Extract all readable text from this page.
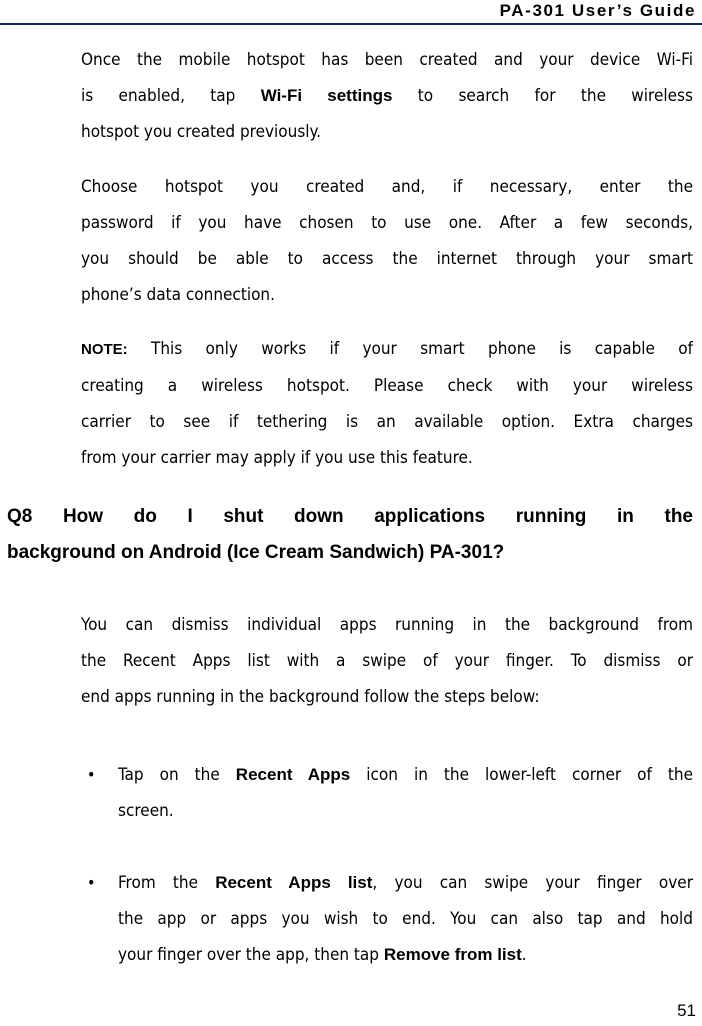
PA-301 User’s Guide
Once the mobile hotspot has been created and your device Wi-Fi
is enabled, tap Wi-Fi settings to search for the wireless
hotspot you created previously.
Choose hotspot you created and, if necessary, enter the
password if you have chosen to use one. After a few seconds,
you should be able to access the internet through your smart
phone’s data connection.
NOTE: This only works if your smart phone is capable of
creating a wireless hotspot. Please check with your wireless
carrier to see if tethering is an available option. Extra charges
from your carrier may apply if you use this feature.
Q8 How do I shut down applications running in the
background on Android (Ice Cream Sandwich) PA-301?
You can dismiss individual apps running in the background from
the Recent Apps list with a swipe of your finger. To dismiss or
end apps running in the background follow the steps below:
• Tap on the Recent Apps icon in the lower-left corner of the
screen.
• From the Recent Apps list, you can swipe your finger over
the app or apps you wish to end. You can also tap and hold
your finger over the app, then tap Remove from list.
51
